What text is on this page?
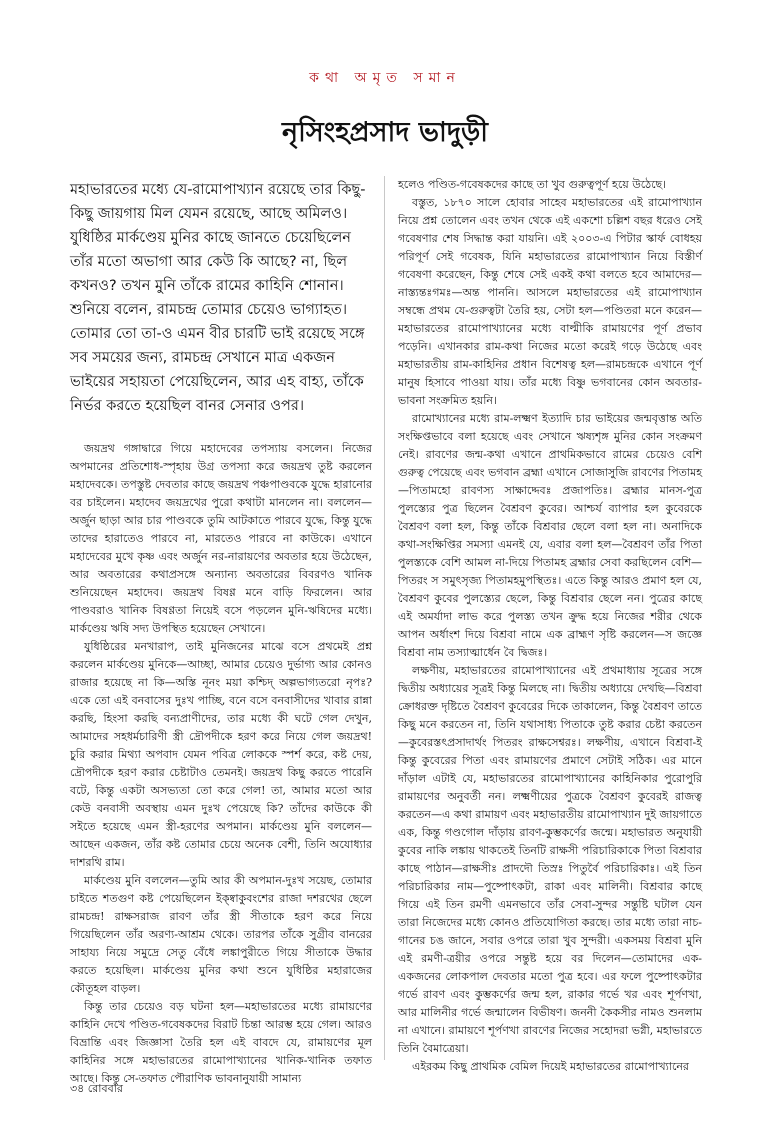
কথা অমৃত সমান
নৃসিংহপ্রসাদ ভাদুড়ী
মহাভারতের মধ্যে যে-রামোপাখ্যান রয়েছে তার কিছু-কিছু জায়গায় মিল যেমন রয়েছে, আছে অমিলও। যুধিষ্ঠির মার্কণ্ডেয় মুনির কাছে জানতে চেয়েছিলেন তাঁর মতো অভাগা আর কেউ কি আছে? না, ছিল কখনও? তখন মুনি তাঁকে রামের কাহিনি শোনান। শুনিয়ে বলেন, রামচন্দ্র তোমার চেয়েও ভাগ্যাহত। তোমার তো তা-ও এমন বীর চারটি ভাই রয়েছে সঙ্গে সব সময়ের জন্য, রামচন্দ্র সেখানে মাত্র একজন ভাইয়ের সহায়তা পেয়েছিলেন, আর এহ বাহ্য, তাঁকে নির্ভর করতে হয়েছিল বানর সেনার ওপর।

জয়দ্রথ গঙ্গাদ্বারে গিয়ে মহাদেবের তপস্যায় বসলেন। নিজের অপমানের প্রতিশোধ-স্পৃহায় উগ্র তপস্যা করে জয়দ্রথ তুষ্ট করলেন মহাদেবকে। তপস্তুষ্ট দেবতার কাছে জয়দ্রথ পঞ্চপাণ্ডবকে যুদ্ধে হারানোর বর চাইলেন। মহাদেব জয়দ্রথের পুরো কথাটা মানলেন না। বললেন—অর্জুন ছাড়া আর চার পাণ্ডবকে তুমি আটকাতে পারবে যুদ্ধে, কিন্তু যুদ্ধে তাদের হারাতেও পারবে না, মারতেও পারবে না কাউকে। এখানে মহাদেবের মুখে কৃষ্ণ এবং অর্জুন নর-নারায়ণের অবতার হয়ে উঠেছেন, আর অবতারের কথাপ্রসঙ্গে অন্যান্য অবতারের বিবরণও খানিক শুনিয়েছেন মহাদেব। জয়দ্রথ বিষণ্ণ মনে বাড়ি ফিরলেন। আর পাণ্ডবরাও খানিক বিষণ্ণতা নিয়েই বসে পড়লেন মুনি-ঋষিদের মধ্যে। মার্কণ্ডেয় ঋষি সদ্য উপস্থিত হয়েছেন সেখানে।

যুধিষ্ঠিরের মনখারাপ, তাই মুনিজনের মাঝে বসে প্রথমেই প্রশ্ন করলেন মার্কণ্ডেয় মুনিকে—আচ্ছা, আমার চেয়েও দুর্ভাগ্য আর কোনও রাজার হয়েছে না কি—অস্তি নূনং ময়া কশ্চিদ্‌ অল্পভাগ্যতরো নৃপঃ? একে তো এই বনবাসের দুঃখ পাচ্ছি, বনে বসে বনবাসীদের খাবার রান্না করছি, হিংসা করছি বন্যপ্রাণীদের, তার মধ্যে কী ঘটে গেল দেখুন, আমাদের সহধর্মচারিণী স্ত্রী দ্রৌপদীকে হরণ করে নিয়ে গেল জয়দ্রথ! চুরি করার মিথ্যা অপবাদ যেমন পবিত্র লোককে স্পর্শ করে, কষ্ট দেয়, দ্রৌপদীকে হরণ করার চেষ্টাটাও তেমনই। জয়দ্রথ কিছু করতে পারেনি বটে, কিন্তু একটা অসভ্যতা তো করে গেল! তা, আমার মতো আর কেউ বনবাসী অবস্থায় এমন দুঃখ পেয়েছে কি? তাঁদের কাউকে কী সইতে হয়েছে এমন স্ত্রী-হরণের অপমান। মার্কণ্ডেয় মুনি বললেন—আছেন একজন, তাঁর কষ্ট তোমার চেয়ে অনেক বেশী, তিনি অযোধ্যার দাশরথি রাম।

মার্কণ্ডেয় মুনি বললেন—তুমি আর কী অপমান-দুঃখ সয়েছ, তোমার চাইতে শতগুণ কষ্ট পেয়েছিলেন ইক্ষ্বাকুবংশের রাজা দশরথের ছেলে রামচন্দ্র! রাক্ষসরাজ রাবণ তাঁর স্ত্রী সীতাকে হরণ করে নিয়ে গিয়েছিলেন তাঁর অরণ্য-আশ্রম থেকে। তারপর তাঁকে সুগ্রীব বানরের সাহায্য নিয়ে সমুদ্রে সেতু বেঁধে লঙ্কাপুরীতে গিয়ে সীতাকে উদ্ধার করতে হয়েছিল। মার্কণ্ডেয় মুনির কথা শুনে যুধিষ্ঠির মহারাজের কৌতূহল বাড়ল।

কিন্তু তার চেয়েও বড় ঘটনা হল—মহাভারতের মধ্যে রামায়ণের কাহিনি দেখে পণ্ডিত-গবেষকদের বিরাট চিন্তা আরম্ভ হয়ে গেল। আরও বিভ্রান্তি এবং জিজ্ঞাসা তৈরি হল এই বাবদে যে, রামায়ণের মূল কাহিনির সঙ্গে মহাভারতের রামোপাখ্যানের খানিক-খানিক তফাত আছে। কিন্তু সে-তফাত পৌরাণিক ভাবনানুযায়ী সামান্য

হলেও পণ্ডিত-গবেষকদের কাছে তা খুব গুরুত্বপূর্ণ হয়ে উঠেছে।

বস্তুত, ১৮৭০ সালে হোবার সাহেব মহাভারতের এই রামোপাখ্যান নিয়ে প্রশ্ন তোলেন এবং তখন থেকে এই একশো চল্লিশ বছর ধরেও সেই গবেষণার শেষ সিদ্ধান্ত করা যায়নি। এই ২০০৩-এ পিটার স্কার্ফ বোধহয় পরিপূর্ণ সেই গবেষক, যিনি মহাভারতের রামোপাখ্যান নিয়ে বিস্তীর্ণ গবেষণা করেছেন, কিন্তু শেষে সেই একই কথা বলতে হবে আমাদের—নাস্ত্যন্তঃগমঃ—অন্ত পাননি। আসলে মহাভারতের এই রামোপাখ্যান সম্বন্ধে প্রথম যে-গুরুত্বটা তৈরি হয়, সেটা হল—পণ্ডিতরা মনে করেন—মহাভারতের রামোপাখ্যানের মধ্যে বাল্মীকি রামায়ণের পূর্ণ প্রভাব পড়েনি। এখানকার রাম-কথা নিজের মতো করেই গড়ে উঠেছে এবং মহাভারতীয় রাম-কাহিনির প্রধান বিশেষত্ব হল—রামচন্দ্রকে এখানে পূর্ণ মানুষ হিসাবে পাওয়া যায়। তাঁর মধ্যে বিষ্ণু ভগবানের কোন অবতার-ভাবনা সংক্রমিত হয়নি।

রামোখ্যানের মধ্যে রাম-লক্ষ্মণ ইত্যাদি চার ভাইয়ের জন্মবৃত্তান্ত অতি সংক্ষিপ্তভাবে বলা হয়েছে এবং সেখানে ঋষ্যশৃঙ্গ মুনির কোন সংক্রমণ নেই। রাবণের জন্ম-কথা এখানে প্রাথমিকভাবে রামের চেয়েও বেশি গুরুত্ব পেয়েছে এবং ভগবান ব্রহ্মা এখানে সোজাসুজি রাবণের পিতামহ—পিতামহো রাবণস্য সাক্ষাদ্দেবঃ প্রজাপতিঃ। ব্রহ্মার মানস-পুত্র পুলস্ত্যের পুত্র ছিলেন বৈশ্রবণ কুবের। আশ্চর্য ব্যাপার হল কুবেরকে বৈশ্রবণ বলা হল, কিন্তু তাঁকে বিশ্রবার ছেলে বলা হল না। অনাদিকে কথা-সংক্ষিপ্তির সমস্যা এমনই যে, এবার বলা হল—বৈশ্রবণ তাঁর পিতা পুলস্ত্যকে বেশি আমল না-দিয়ে পিতামহ ব্রহ্মার সেবা করছিলেন বেশি—পিতরং স সমুৎসৃজ্য পিতামহমুপস্থিতঃ। এতে কিন্তু আরও প্রমাণ হল যে, বৈশ্রবণ কুবের পুলস্ত্যের ছেলে, কিন্তু বিশ্রবার ছেলে নন। পুত্রের কাছে এই অমর্যাদা লাভ করে পুলস্ত্য তখন ক্রুদ্ধ হয়ে নিজের শরীর থেকে আপন অর্ধাংশ দিয়ে বিশ্রবা নামে এক ব্রাহ্মণ সৃষ্টি করলেন—স জজ্ঞে বিশ্রবা নাম তস্যাত্মার্ধেন বৈ দ্বিজঃ।

লক্ষণীয়, মহাভারতের রামোপাখ্যানের এই প্রথমাধ্যায় সূত্রের সঙ্গে দ্বিতীয় অধ্যায়ের সূত্রই কিন্তু মিলছে না। দ্বিতীয় অধ্যায়ে দেখছি—বিশ্রবা ক্রোধরক্ত দৃষ্টিতে বৈশ্রবণ কুবেরের দিকে তাকালেন, কিন্তু বৈশ্রবণ তাতে কিছু মনে করতেন না, তিনি যথাসাধ্য পিতাকে তুষ্ট করার চেষ্টা করতেন—কুবেরস্তৎপ্রসাদার্থং পিতরং রাক্ষসেশ্বরঃ। লক্ষণীয়, এখানে বিশ্রবা-ই কিন্তু কুবেরের পিতা এবং রামায়ণের প্রমাণে সেটাই সঠিক। এর মানে দাঁড়াল এটাই যে, মহাভারতের রামোপাখ্যানের কাহিনিকার পুরোপুরি রামায়ণের অনুবর্তী নন। লক্ষ্মণীয়ের পুত্রকে বৈশ্রবণ কুবেরই রাজত্ব করতেন—এ কথা রামায়ণ এবং মহাভারতীয় রামোপাখ্যান দুই জায়গাতে এক, কিন্তু গণ্ডগোল দাঁড়ায় রাবণ-কুম্ভকর্ণের জন্মে। মহাভারত অনুযায়ী কুবের নাকি লঙ্কায় থাকতেই তিনটি রাক্ষসী পরিচারিকাকে পিতা বিশ্রবার কাছে পাঠান—রাক্ষসীঃ প্রাদদৌ তিস্রঃ পিতুর্বৈ পরিচারিকাঃ। এই তিন পরিচারিকার নাম—পুষ্পোৎকটা, রাকা এবং মালিনী। বিশ্রবার কাছে গিয়ে এই তিন রমণী এমনভাবে তাঁর সেবা-সুন্দর সন্তুষ্টি ঘটাল যেন তারা নিজেদের মধ্যে কোনও প্রতিযোগিতা করছে। তার মধ্যে তারা নাচ-গানের চঙ জানে, সবার ওপরে তারা খুব সুন্দরী। একসময় বিশ্রবা মুনি এই রমণী-ত্রয়ীর ওপরে সন্তুষ্ট হয়ে বর দিলেন—তোমাদের এক-একজনের লোকপাল দেবতার মতো পুত্র হবে। এর ফলে পুষ্পোৎকটার গর্ভে রাবণ এবং কুম্ভকর্ণের জন্ম হল, রাকার গর্ভে খর এবং শূর্পণখা, আর মালিনীর গর্ভে জন্মালেন বিভীষণ। জননী কৈকসীর নামও শুনলাম না এখানে। রামায়ণে শূর্পণখা রাবণের নিজের সহোদরা ভগ্নী, মহাভারতে তিনি বৈমাত্রেয়া।

এইরকম কিছু প্রাথমিক বেমিল দিয়েই মহাভারতের রামোপাখ্যানের

৩৪ রোববার
